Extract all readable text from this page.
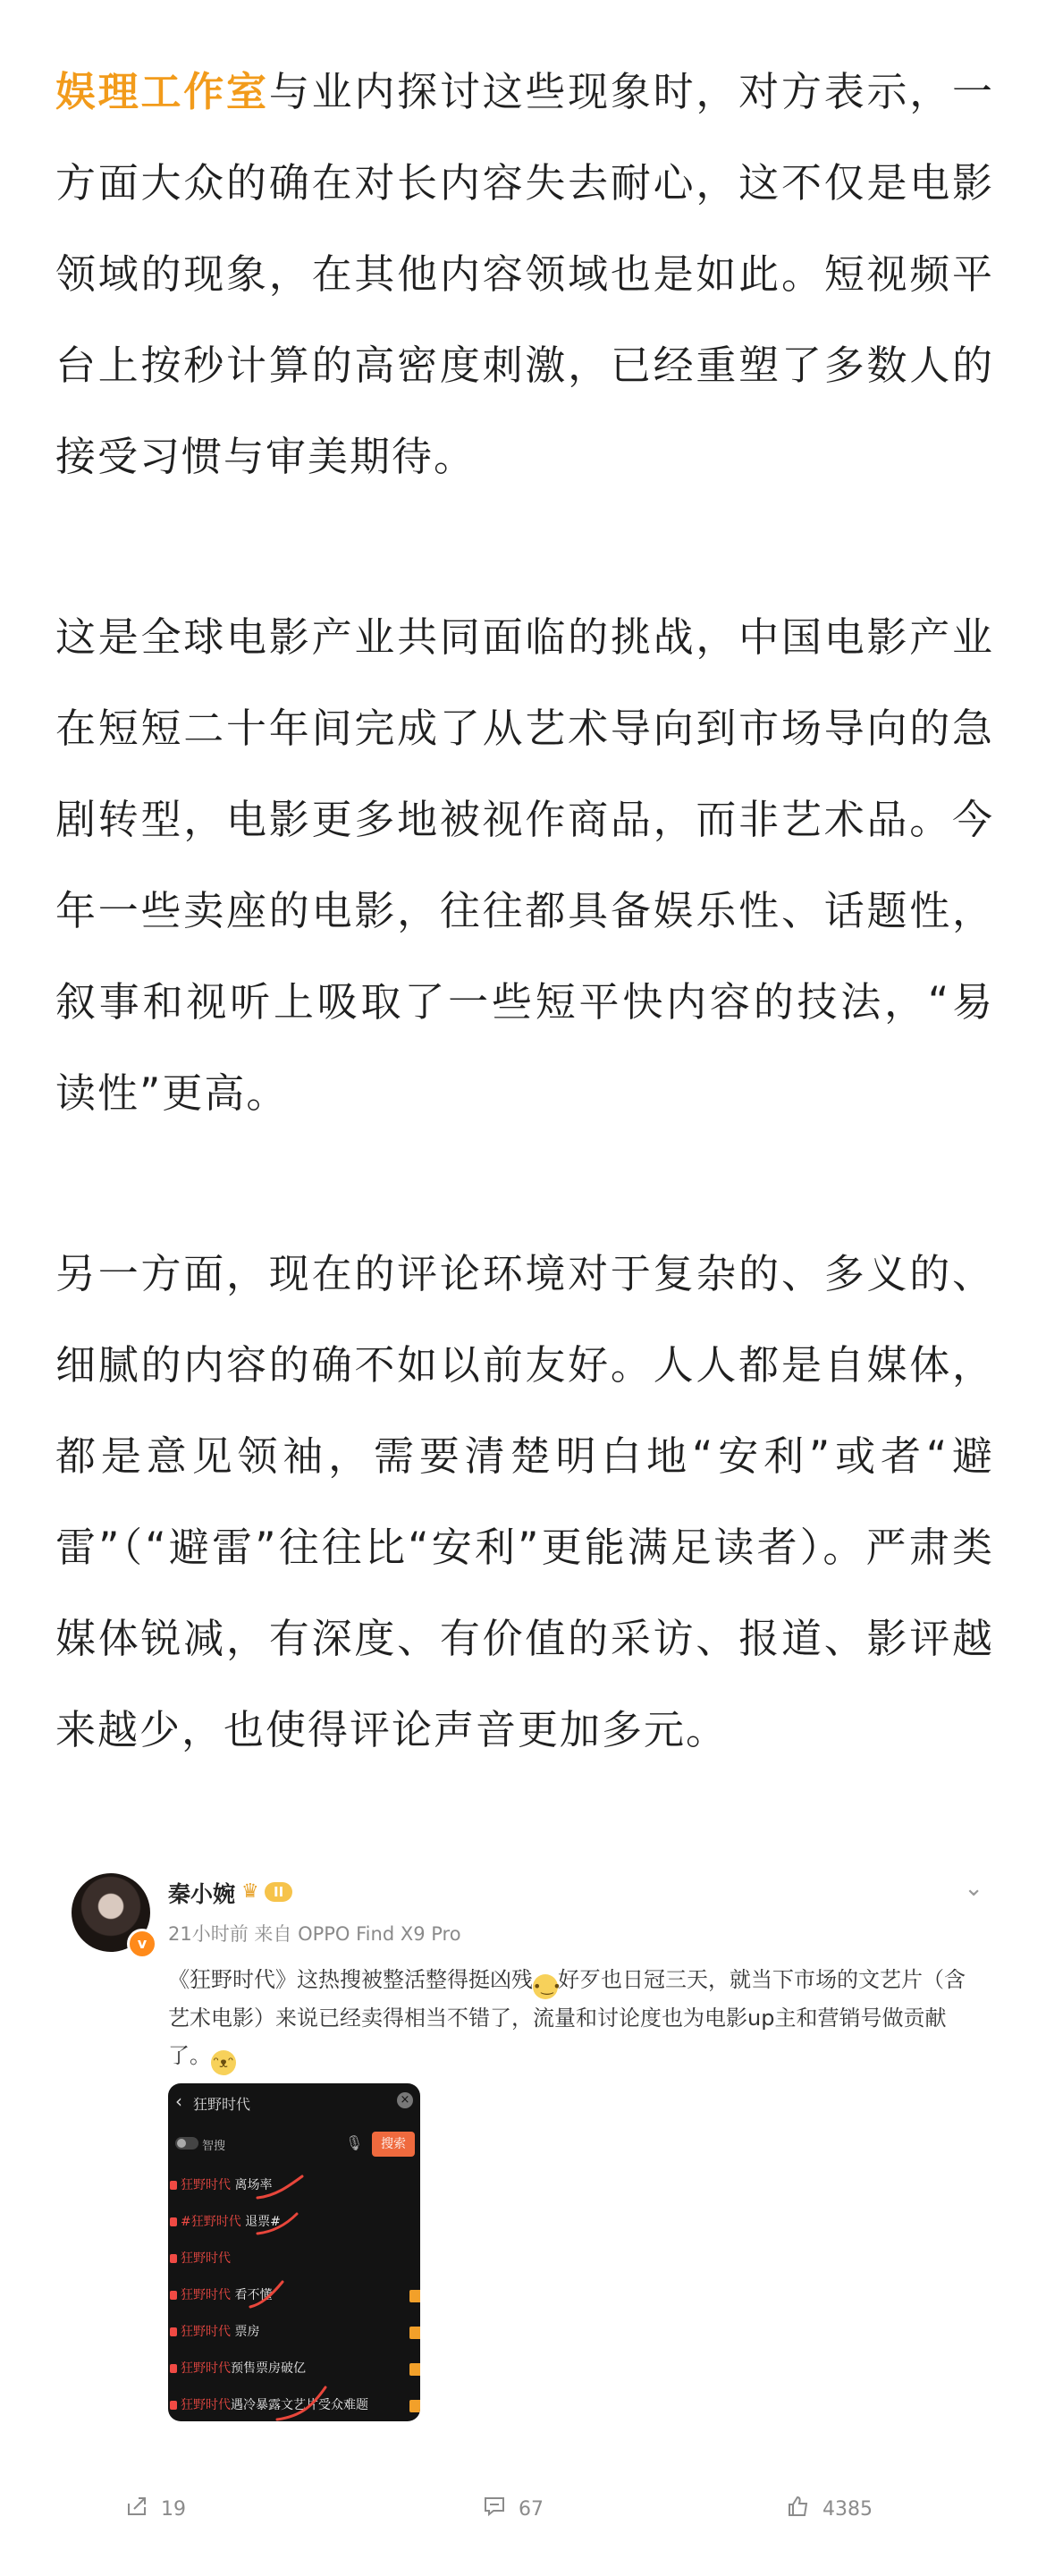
娱理工作室与业内探讨这些现象时，对方表示，一方面大众的确在对长内容失去耐心，这不仅是电影领域的现象，在其他内容领域也是如此。短视频平台上按秒计算的高密度刺激，已经重塑了多数人的接受习惯与审美期待。

这是全球电影产业共同面临的挑战，中国电影产业在短短二十年间完成了从艺术导向到市场导向的急剧转型，电影更多地被视作商品，而非艺术品。今年一些卖座的电影，往往都具备娱乐性、话题性，叙事和视听上吸取了一些短平快内容的技法，“易读性”更高。

另一方面，现在的评论环境对于复杂的、多义的、细腻的内容的确不如以前友好。人人都是自媒体，都是意见领袖，需要清楚明白地“安利”或者“避雷”（“避雷”往往比“安利”更能满足读者）。严肃类媒体锐减，有深度、有价值的采访、报道、影评越来越少，也使得评论声音更加多元。

v
秦小婉 ♛	II
21小时前 来自 OPPO Find X9 Pro
⌄
《狂野时代》这热搜被整活整得挺凶残•‿•好歹也日冠三天，就当下市场的文艺片（含艺术电影）来说已经卖得相当不错了，流量和讨论度也为电影up主和营销号做贡献了。 ᵔᴥᵔ
‹ 狂野时代	×
智搜	🎙	搜索
狂野时代 离场率
#狂野时代 退票#
狂野时代
狂野时代 看不懂
狂野时代 票房
狂野时代预售票房破亿
狂野时代遇冷暴露文艺片受众难题
19	67	4385
